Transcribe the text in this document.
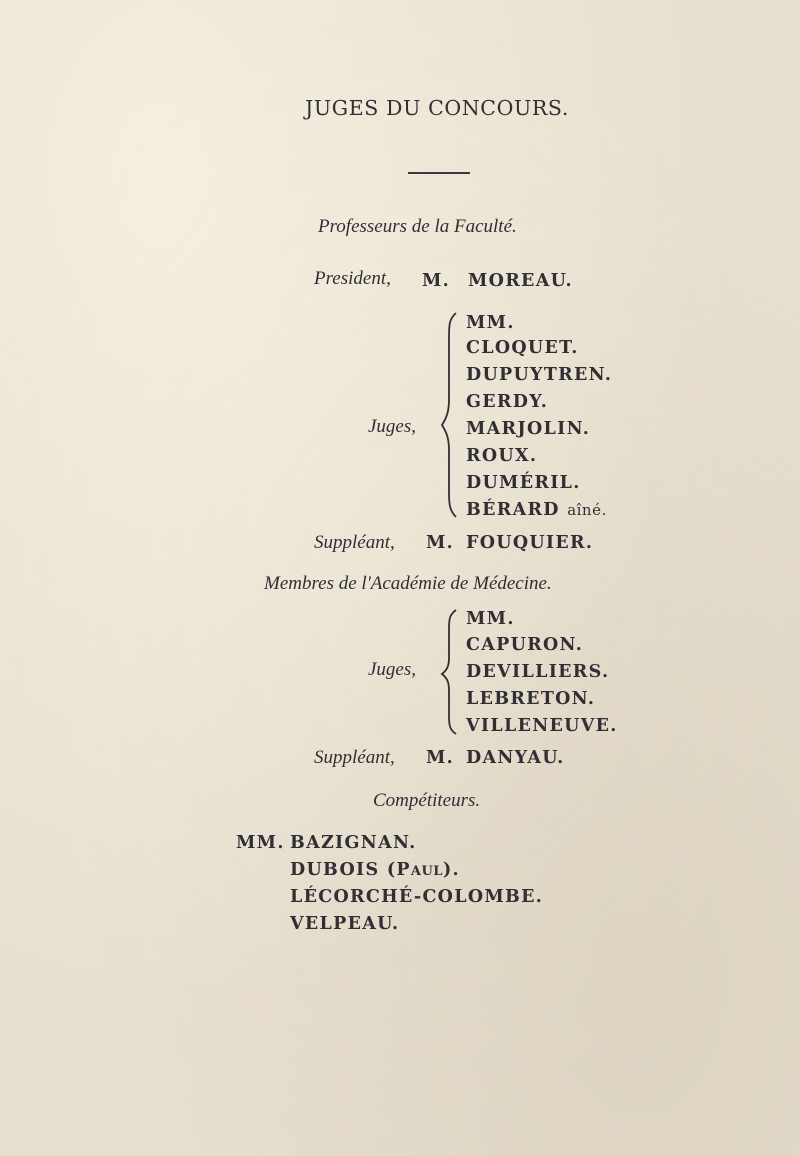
JUGES DU CONCOURS.
Professeurs de la Faculté.
President, M. MOREAU.
MM.
CLOQUET.
DUPUYTREN.
GERDY.
MARJOLIN.
ROUX.
DUMÉRIL.
BÉRARD aîné.
Juges,
Suppléant, M. FOUQUIER.
Membres de l'Académie de Médecine.
MM.
CAPURON.
DEVILLIERS.
LEBRETON.
VILLENEUVE.
Juges,
Suppléant, M. DANYAU.
Compétiteurs.
MM. BAZIGNAN.
DUBOIS (PAUL).
LÉCORCHÉ-COLOMBE.
VELPEAU.
